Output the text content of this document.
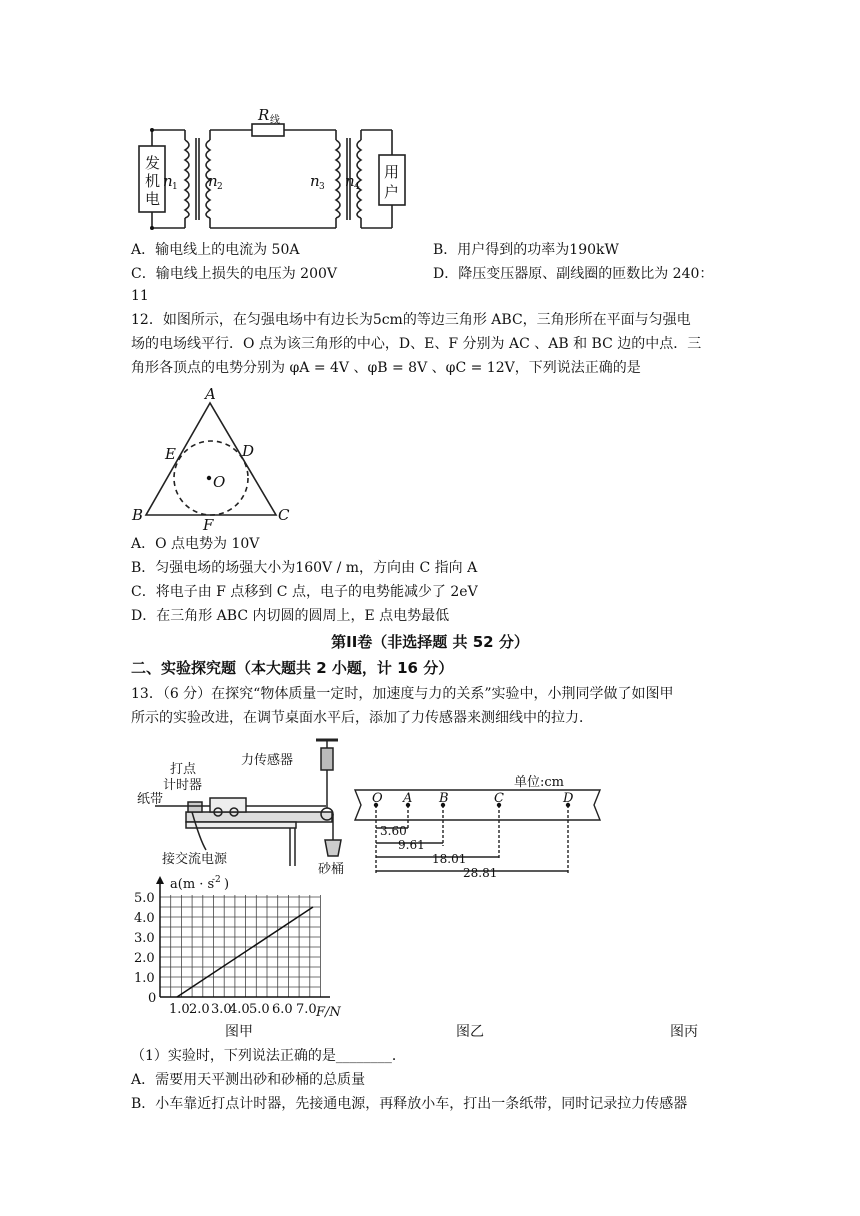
R 线
发
机
电
用
户
n 1 n 2	n 3 n 4
A．输电线上的电流为 50A	B．用户得到的功率为190kW
C．输电线上损失的电压为 200V	D．降压变压器原、副线圈的匝数比为 240：
11
12．如图所示，在匀强电场中有边长为5cm的等边三角形 ABC，三角形所在平面与匀强电
场的电场线平行．O 点为该三角形的中心，D、E、F 分别为 AC 、AB 和 BC 边的中点．三
角形各顶点的电势分别为 φA = 4V 、φB = 8V 、φC = 12V，下列说法正确的是
A
B	C
D
E
F
O
A．O 点电势为 10V
B．匀强电场的场强大小为160V / m，方向由 C 指向 A
C．将电子由 F 点移到 C 点，电子的电势能减少了 2eV
D．在三角形 ABC 内切圆的圆周上，E 点电势最低
第II卷（非选择题 共 52 分）
二、实验探究题（本大题共 2 小题，计 16 分）
13．（6 分）在探究“物体质量一定时，加速度与力的关系”实验中，小荆同学做了如图甲
所示的实验改进，在调节桌面水平后，添加了力传感器来测细线中的拉力．
打点
计时器
纸带
力传感器
接交流电源
砂桶
单位:cm
O A B	C	D
3.60
9.61
18.01
28.81
a(m · s
-2 )
F/N
5.0
4.0
3.0
2.0
1.0
0
1.0 2.0 3.0
4.0 5.0 6.0 7.0
图甲	图乙	图丙
（1）实验时，下列说法正确的是________．
A．需要用天平测出砂和砂桶的总质量
B．小车靠近打点计时器，先接通电源，再释放小车，打出一条纸带，同时记录拉力传感器
